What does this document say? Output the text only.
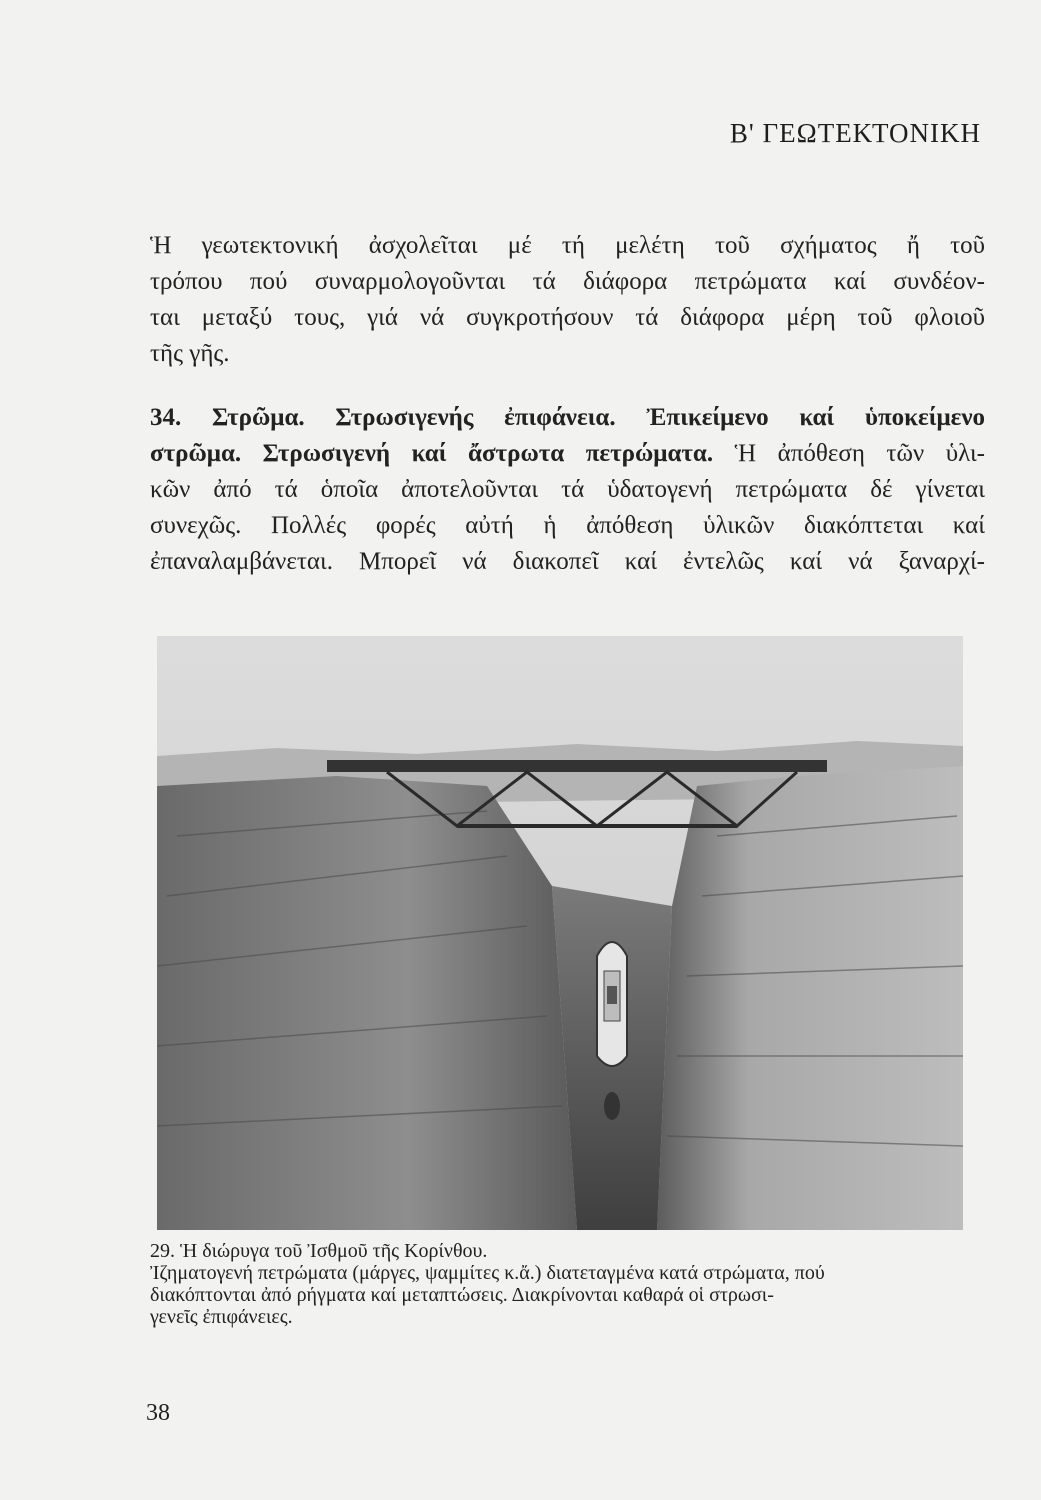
Β' ΓΕΩΤΕΚΤΟΝΙΚΗ
Ἡ γεωτεκτονική ἀσχολεῖται μέ τή μελέτη τοῦ σχήματος ἤ τοῦ
τρόπου πού συναρμολογοῦνται τά διάφορα πετρώματα καί συνδέον-
ται μεταξύ τους, γιά νά συγκροτήσουν τά διάφορα μέρη τοῦ φλοιοῦ
τῆς γῆς.
34. Στρῶμα. Στρωσιγενής ἐπιφάνεια. Ἐπικείμενο καί ὑποκείμενο
στρῶμα. Στρωσιγενή καί ἄστρωτα πετρώματα. Ἡ ἀπόθεση τῶν ὑλι-
κῶν ἀπό τά ὁποῖα ἀποτελοῦνται τά ὑδατογενή πετρώματα δέ γίνεται
συνεχῶς. Πολλές φορές αὐτή ἡ ἀπόθεση ὑλικῶν διακόπτεται καί
ἐπαναλαμβάνεται. Μπορεῖ νά διακοπεῖ καί ἐντελῶς καί νά ξαναρχί-
29. Ἡ διώρυγα τοῦ Ἰσθμοῦ τῆς Κορίνθου.
Ἰζηματογενή πετρώματα (μάργες, ψαμμίτες κ.ἄ.) διατεταγμένα κατά στρώματα, πού
διακόπτονται ἀπό ρήγματα καί μεταπτώσεις. Διακρίνονται καθαρά οἱ στρωσι-
γενεῖς ἐπιφάνειες.
38
